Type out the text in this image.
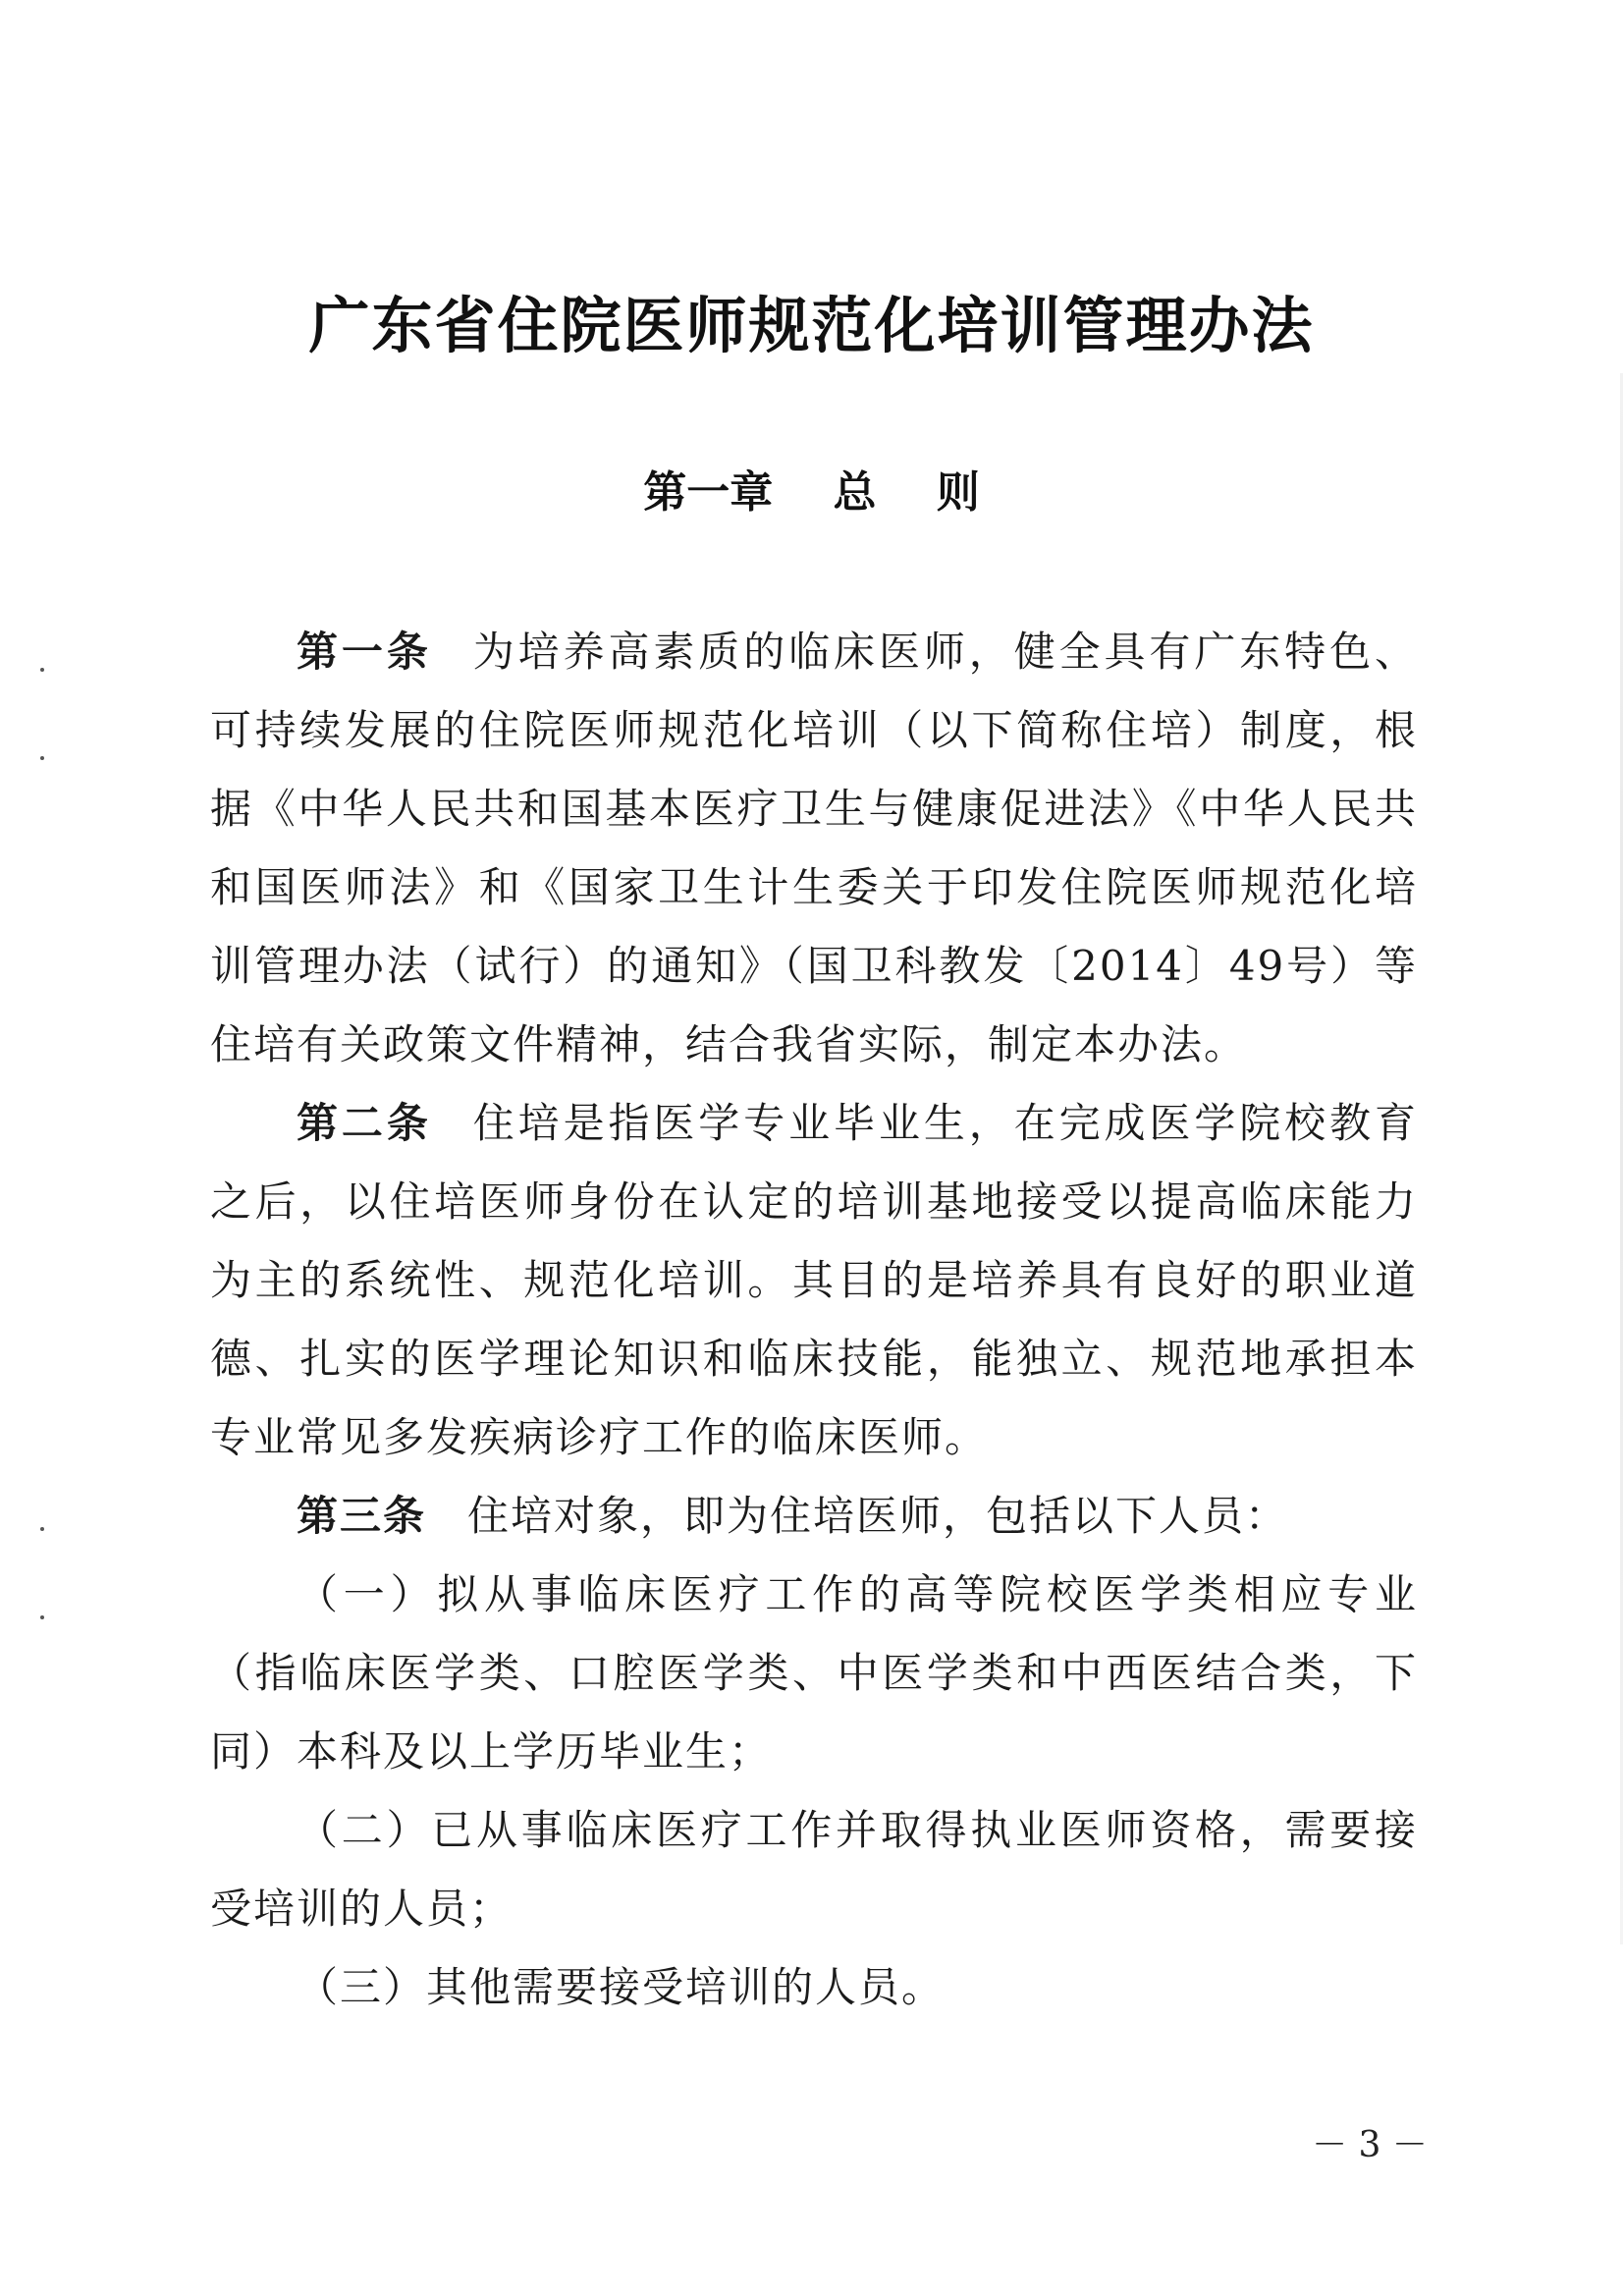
广东省住院医师规范化培训管理办法
第一章    总    则

第一条 为培养高素质的临床医师，健全具有广东特色、可持续发展的住院医师规范化培训（以下简称住培）制度，根据《中华人民共和国基本医疗卫生与健康促进法》《中华人民共和国医师法》和《国家卫生计生委关于印发住院医师规范化培训管理办法（试行）的通知》（国卫科教发〔2014〕49号）等住培有关政策文件精神，结合我省实际，制定本办法。

第二条 住培是指医学专业毕业生，在完成医学院校教育之后，以住培医师身份在认定的培训基地接受以提高临床能力为主的系统性、规范化培训。其目的是培养具有良好的职业道德、扎实的医学理论知识和临床技能，能独立、规范地承担本专业常见多发疾病诊疗工作的临床医师。

第三条 住培对象，即为住培医师，包括以下人员：

（一）拟从事临床医疗工作的高等院校医学类相应专业（指临床医学类、口腔医学类、中医学类和中西医结合类，下同）本科及以上学历毕业生；

（二）已从事临床医疗工作并取得执业医师资格，需要接受培训的人员；

（三）其他需要接受培训的人员。

－ 3 －
